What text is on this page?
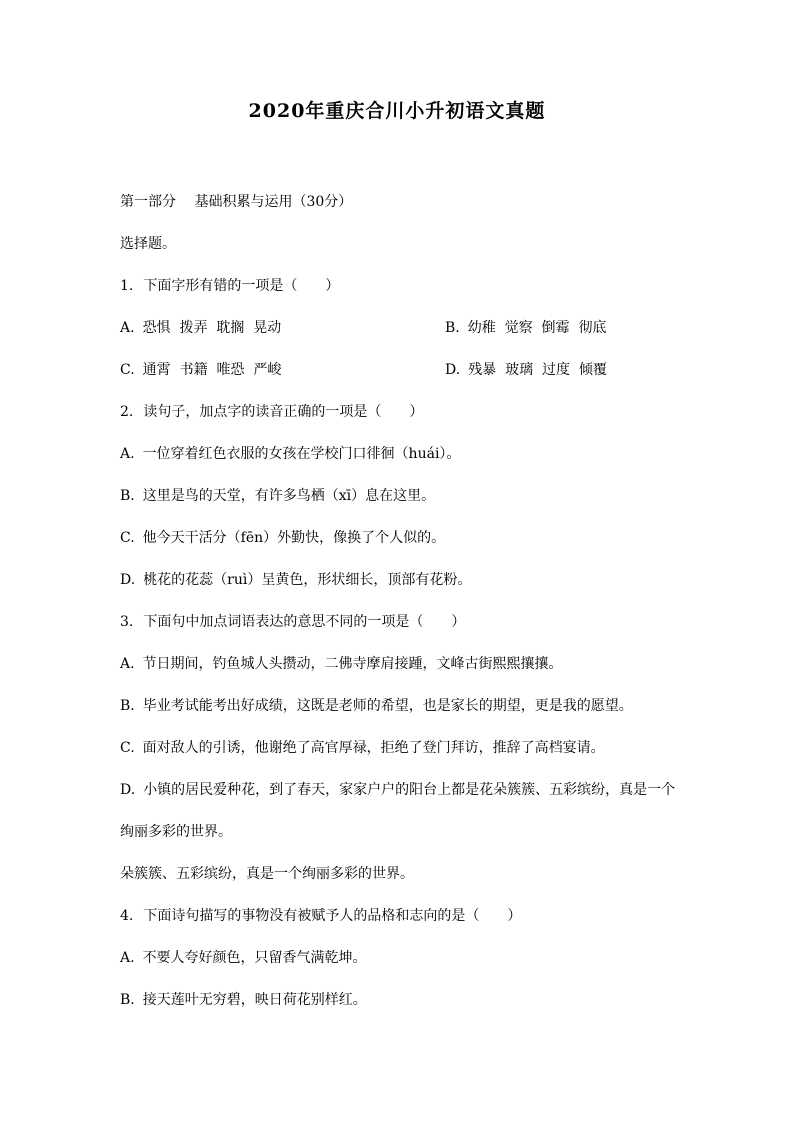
2020年重庆合川小升初语文真题

第一部分　 基础积累与运用（30分）

选择题。

1. 下面字形有错的一项是（　　）

A. 恐惧  拨弄  耽搁  晃动	B. 幼稚  觉察  倒霉  彻底
C. 通霄  书籍  唯恐  严峻	D. 残暴  玻璃  过度  倾覆

2. 读句子，加点字的读音正确的一项是（　　）

A. 一位穿着红色衣服的女孩在学校门口徘徊（huái）。

B. 这里是鸟的天堂，有许多鸟栖（xī）息在这里。

C. 他今天干活分（fēn）外勤快，像换了个人似的。

D. 桃花的花蕊（ruì）呈黄色，形状细长，顶部有花粉。

3. 下面句中加点词语表达的意思不同的一项是（　　）

A. 节日期间，钓鱼城人头攒动，二佛寺摩肩接踵，文峰古街熙熙攘攘。

B. 毕业考试能考出好成绩，这既是老师的希望，也是家长的期望，更是我的愿望。

C. 面对敌人的引诱，他谢绝了高官厚禄，拒绝了登门拜访，推辞了高档宴请。

D. 小镇的居民爱种花，到了春天，家家户户的阳台上都是花朵簇簇、五彩缤纷，真是一个绚丽多彩的世界。

朵簇簇、五彩缤纷，真是一个绚丽多彩的世界。

4. 下面诗句描写的事物没有被赋予人的品格和志向的是（　　）

A. 不要人夸好颜色，只留香气满乾坤。

B. 接天莲叶无穷碧，映日荷花别样红。
